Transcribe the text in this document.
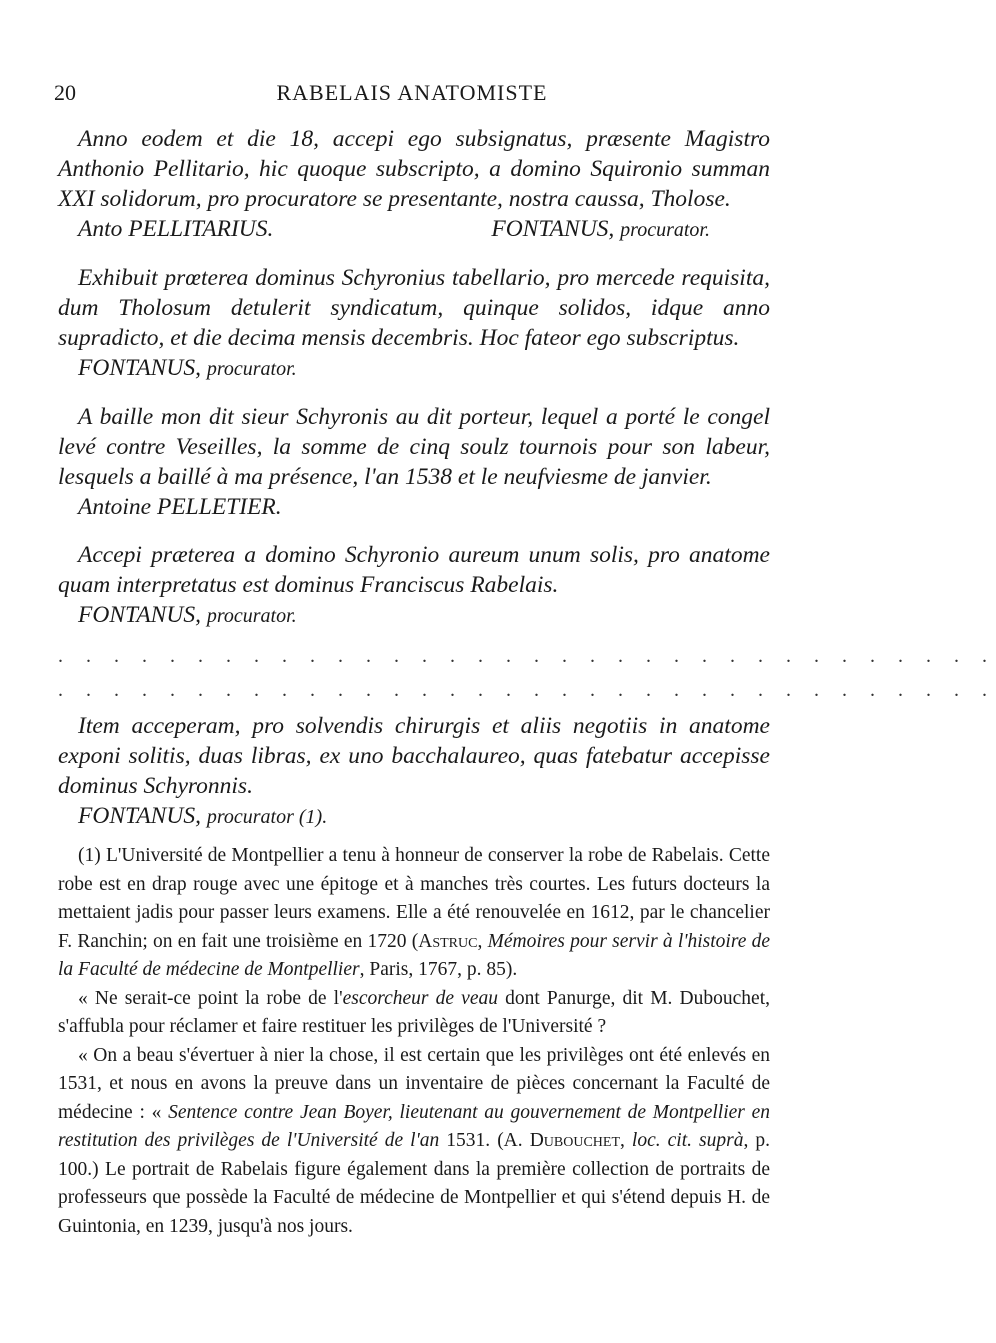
20	RABELAIS ANATOMISTE

Anno eodem et die 18, accepi ego subsignatus, præsente Magistro Anthonio Pellitario, hic quoque subscripto, a domino Squironio summan XXI solidorum, pro procuratore se presentante, nostra caussa, Tholose.

Anto PELLITARIUS.	FONTANUS, procurator.

Exhibuit prœterea dominus Schyronius tabellario, pro mercede requisita, dum Tholosum detulerit syndicatum, quinque solidos, idque anno supradicto, et die decima mensis decembris. Hoc fateor ego subscriptus.

FONTANUS, procurator.

A baille mon dit sieur Schyronis au dit porteur, lequel a porté le congel levé contre Veseilles, la somme de cinq soulz tournois pour son labeur, lesquels a baillé à ma présence, l'an 1538 et le neufviesme de janvier.

Antoine PELLETIER.

Accepi præterea a domino Schyronio aureum unum solis, pro anatome quam interpretatus est dominus Franciscus Rabelais.

FONTANUS, procurator.

. . . . . . . . . . . . . . . . . . . . . . . . . . . . . . . . . .

. . . . . . . . . . . . . . . . . . . . . . . . . . . . . . . . . .

Item acceperam, pro solvendis chirurgis et aliis negotiis in anatome exponi solitis, duas libras, ex uno bacchalaureo, quas fatebatur accepisse dominus Schyronnis.

FONTANUS, procurator (1).

(1) L'Université de Montpellier a tenu à honneur de conserver la robe de Rabelais. Cette robe est en drap rouge avec une épitoge et à manches très courtes. Les futurs docteurs la mettaient jadis pour passer leurs examens. Elle a été renouvelée en 1612, par le chancelier F. Ranchin; on en fait une troisième en 1720 (Astruc, Mémoires pour servir à l'histoire de la Faculté de médecine de Montpellier, Paris, 1767, p. 85).

« Ne serait-ce point la robe de l'escorcheur de veau dont Panurge, dit M. Dubouchet, s'affubla pour réclamer et faire restituer les privilèges de l'Université ?

« On a beau s'évertuer à nier la chose, il est certain que les privilèges ont été enlevés en 1531, et nous en avons la preuve dans un inventaire de pièces concernant la Faculté de médecine : « Sentence contre Jean Boyer, lieutenant au gouvernement de Montpellier en restitution des privilèges de l'Université de l'an 1531. (A. Dubouchet, loc. cit. suprà, p. 100.) Le portrait de Rabelais figure également dans la première collection de portraits de professeurs que possède la Faculté de médecine de Montpellier et qui s'étend depuis H. de Guintonia, en 1239, jusqu'à nos jours.
